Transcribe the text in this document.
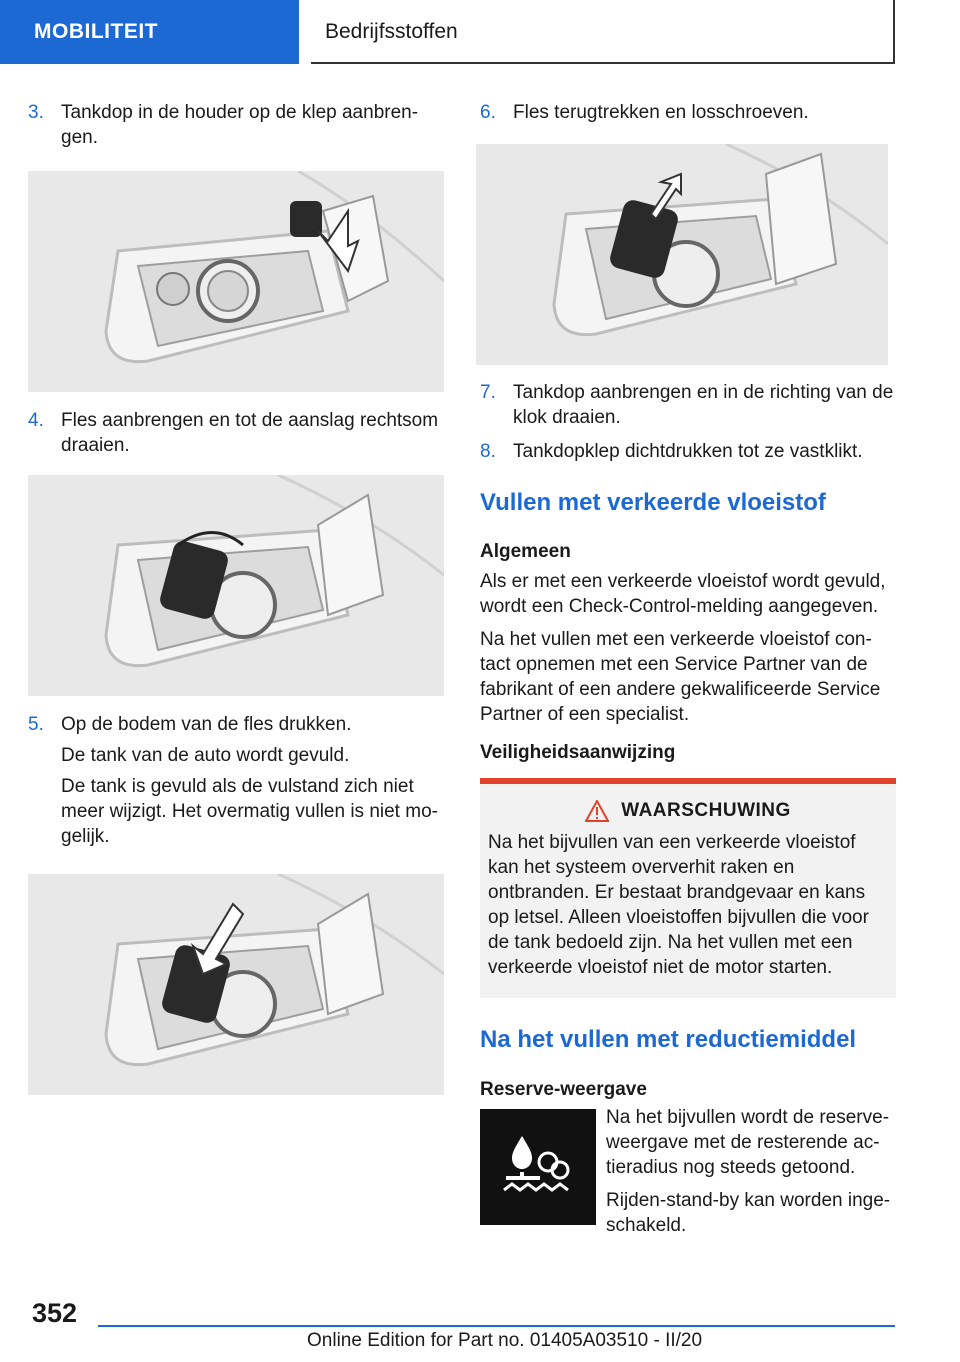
MOBILITEIT	Bedrijfsstoffen
3. Tankdop in de houder op de klep aanbren-gen.
4. Fles aanbrengen en tot de aanslag rechtsom draaien.
5. Op de bodem van de fles drukken.
De tank van de auto wordt gevuld.
De tank is gevuld als de vulstand zich niet meer wijzigt. Het overmatig vullen is niet mo-gelijk.
6. Fles terugtrekken en losschroeven.
7. Tankdop aanbrengen en in de richting van de klok draaien.
8. Tankdopklep dichtdrukken tot ze vastklikt.
Vullen met verkeerde vloeistof
Algemeen

Als er met een verkeerde vloeistof wordt gevuld, wordt een Check-Control-melding aangegeven.

Na het vullen met een verkeerde vloeistof con-tact opnemen met een Service Partner van de fabrikant of een andere gekwalificeerde Service Partner of een specialist.

Veiligheidsaanwijzing
WAARSCHUWING

Na het bijvullen van een verkeerde vloeistof kan het systeem oververhit raken en ontbranden. Er bestaat brandgevaar en kans op letsel. Alleen vloeistoffen bijvullen die voor de tank bedoeld zijn. Na het vullen met een verkeerde vloeistof niet de motor starten.

Na het vullen met reductiemiddel
Reserve-weergave

Na het bijvullen wordt de reserve-weergave met de resterende ac-tieradius nog steeds getoond.

Rijden-stand-by kan worden inge-schakeld.

352
Online Edition for Part no. 01405A03510 - II/20
